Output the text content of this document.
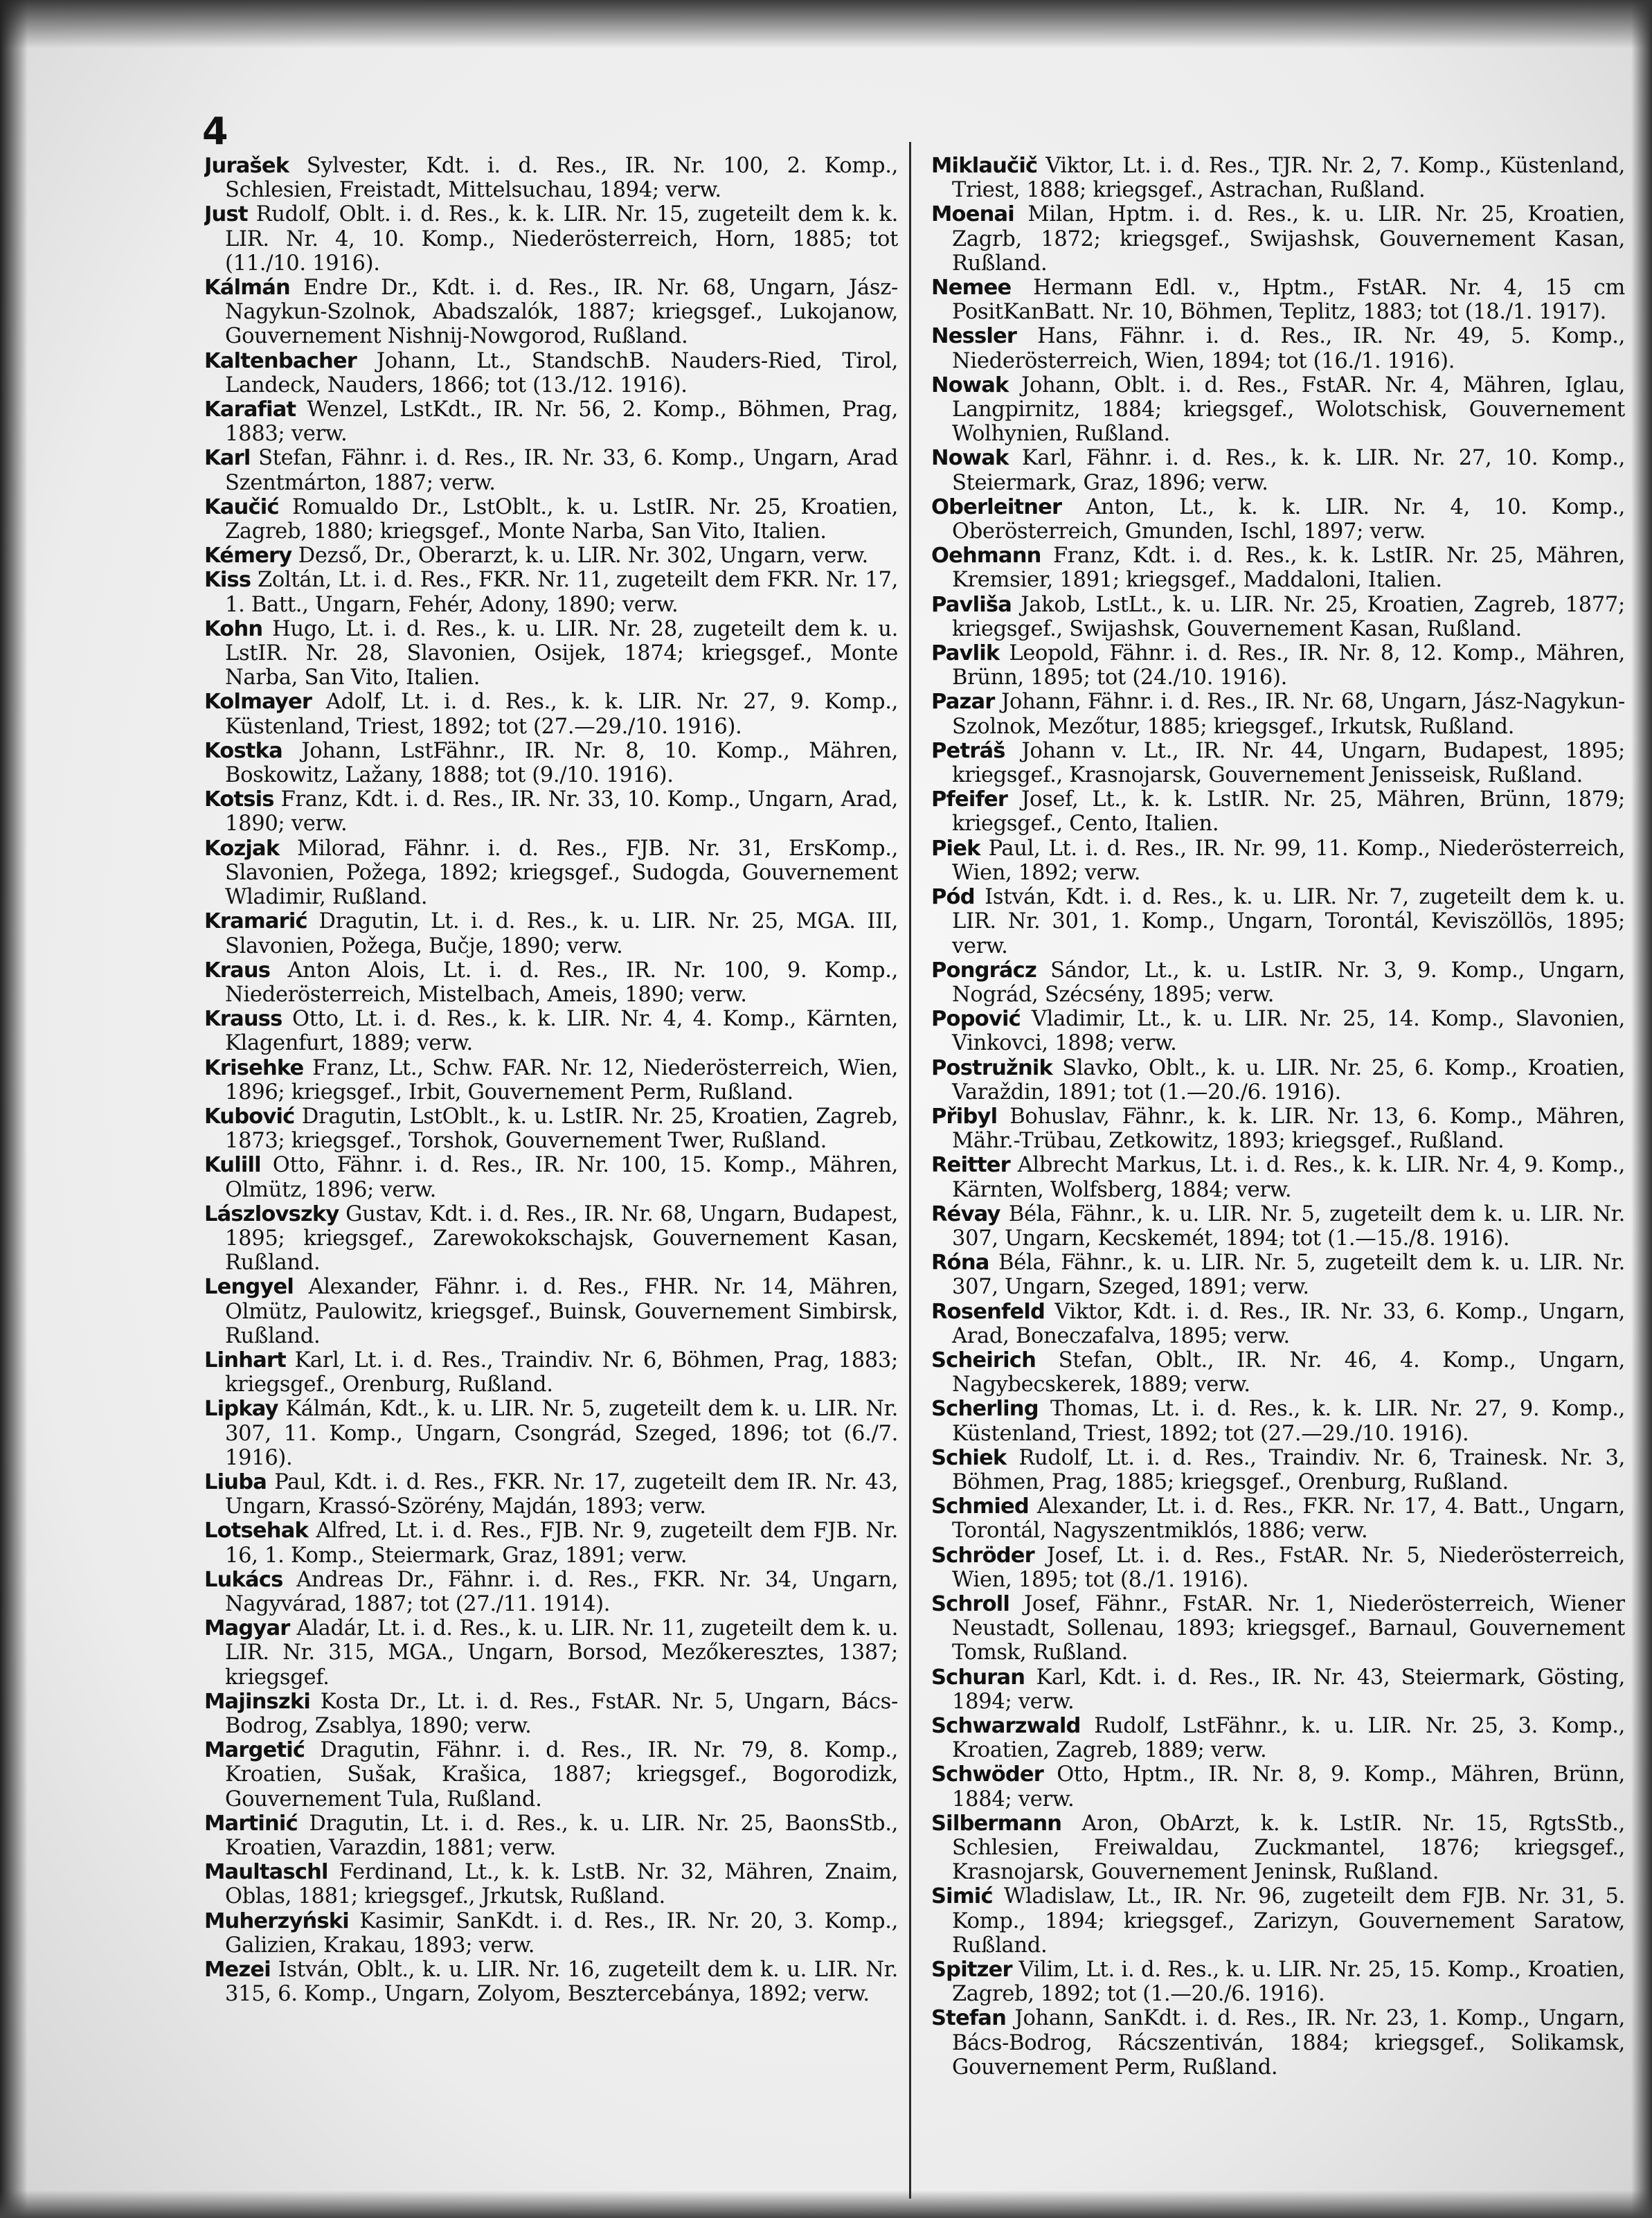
4

Jurašek Sylvester, Kdt. i. d. Res., IR. Nr. 100, 2. Komp., Schlesien, Freistadt, Mittelsuchau, 1894; verw.

Just Rudolf, Oblt. i. d. Res., k. k. LIR. Nr. 15, zugeteilt dem k. k. LIR. Nr. 4, 10. Komp., Niederösterreich, Horn, 1885; tot (11./10. 1916).

Kálmán Endre Dr., Kdt. i. d. Res., IR. Nr. 68, Ungarn, Jász-Nagykun-Szolnok, Abadszalók, 1887; kriegsgef., Lukojanow, Gouvernement Nishnij-Nowgorod, Rußland.

Kaltenbacher Johann, Lt., StandschB. Nauders-Ried, Tirol, Landeck, Nauders, 1866; tot (13./12. 1916).

Karafiat Wenzel, LstKdt., IR. Nr. 56, 2. Komp., Böhmen, Prag, 1883; verw.

Karl Stefan, Fähnr. i. d. Res., IR. Nr. 33, 6. Komp., Ungarn, Arad Szentmárton, 1887; verw.

Kaučić Romualdo Dr., LstOblt., k. u. LstIR. Nr. 25, Kroatien, Zagreb, 1880; kriegsgef., Monte Narba, San Vito, Italien.

Kémery Dezső, Dr., Oberarzt, k. u. LIR. Nr. 302, Ungarn, verw.

Kiss Zoltán, Lt. i. d. Res., FKR. Nr. 11, zugeteilt dem FKR. Nr. 17, 1. Batt., Ungarn, Fehér, Adony, 1890; verw.

Kohn Hugo, Lt. i. d. Res., k. u. LIR. Nr. 28, zugeteilt dem k. u. LstIR. Nr. 28, Slavonien, Osijek, 1874; kriegsgef., Monte Narba, San Vito, Italien.

Kolmayer Adolf, Lt. i. d. Res., k. k. LIR. Nr. 27, 9. Komp., Küstenland, Triest, 1892; tot (27.—29./10. 1916).

Kostka Johann, LstFähnr., IR. Nr. 8, 10. Komp., Mähren, Boskowitz, Lažany, 1888; tot (9./10. 1916).

Kotsis Franz, Kdt. i. d. Res., IR. Nr. 33, 10. Komp., Ungarn, Arad, 1890; verw.

Kozjak Milorad, Fähnr. i. d. Res., FJB. Nr. 31, ErsKomp., Slavonien, Požega, 1892; kriegsgef., Sudogda, Gouvernement Wladimir, Rußland.

Kramarić Dragutin, Lt. i. d. Res., k. u. LIR. Nr. 25, MGA. III, Slavonien, Požega, Bučje, 1890; verw.

Kraus Anton Alois, Lt. i. d. Res., IR. Nr. 100, 9. Komp., Niederösterreich, Mistelbach, Ameis, 1890; verw.

Krauss Otto, Lt. i. d. Res., k. k. LIR. Nr. 4, 4. Komp., Kärnten, Klagenfurt, 1889; verw.

Krisehke Franz, Lt., Schw. FAR. Nr. 12, Niederösterreich, Wien, 1896; kriegsgef., Irbit, Gouvernement Perm, Rußland.

Kubović Dragutin, LstOblt., k. u. LstIR. Nr. 25, Kroatien, Zagreb, 1873; kriegsgef., Torshok, Gouvernement Twer, Rußland.

Kulill Otto, Fähnr. i. d. Res., IR. Nr. 100, 15. Komp., Mähren, Olmütz, 1896; verw.

Lászlovszky Gustav, Kdt. i. d. Res., IR. Nr. 68, Ungarn, Budapest, 1895; kriegsgef., Zarewokokschajsk, Gouvernement Kasan, Rußland.

Lengyel Alexander, Fähnr. i. d. Res., FHR. Nr. 14, Mähren, Olmütz, Paulowitz, kriegsgef., Buinsk, Gouvernement Simbirsk, Rußland.

Linhart Karl, Lt. i. d. Res., Traindiv. Nr. 6, Böhmen, Prag, 1883; kriegsgef., Orenburg, Rußland.

Lipkay Kálmán, Kdt., k. u. LIR. Nr. 5, zugeteilt dem k. u. LIR. Nr. 307, 11. Komp., Ungarn, Csongrád, Szeged, 1896; tot (6./7. 1916).

Liuba Paul, Kdt. i. d. Res., FKR. Nr. 17, zugeteilt dem IR. Nr. 43, Ungarn, Krassó-Szörény, Majdán, 1893; verw.

Lotsehak Alfred, Lt. i. d. Res., FJB. Nr. 9, zugeteilt dem FJB. Nr. 16, 1. Komp., Steiermark, Graz, 1891; verw.

Lukács Andreas Dr., Fähnr. i. d. Res., FKR. Nr. 34, Ungarn, Nagyvárad, 1887; tot (27./11. 1914).

Magyar Aladár, Lt. i. d. Res., k. u. LIR. Nr. 11, zugeteilt dem k. u. LIR. Nr. 315, MGA., Ungarn, Borsod, Mezőkeresztes, 1387; kriegsgef.

Majinszki Kosta Dr., Lt. i. d. Res., FstAR. Nr. 5, Ungarn, Bács-Bodrog, Zsablya, 1890; verw.

Margetić Dragutin, Fähnr. i. d. Res., IR. Nr. 79, 8. Komp., Kroatien, Sušak, Krašica, 1887; kriegsgef., Bogorodizk, Gouvernement Tula, Rußland.

Martinić Dragutin, Lt. i. d. Res., k. u. LIR. Nr. 25, BaonsStb., Kroatien, Varazdin, 1881; verw.

Maultaschl Ferdinand, Lt., k. k. LstB. Nr. 32, Mähren, Znaim, Oblas, 1881; kriegsgef., Jrkutsk, Rußland.

Muherzyński Kasimir, SanKdt. i. d. Res., IR. Nr. 20, 3. Komp., Galizien, Krakau, 1893; verw.

Mezei István, Oblt., k. u. LIR. Nr. 16, zugeteilt dem k. u. LIR. Nr. 315, 6. Komp., Ungarn, Zolyom, Besztercebánya, 1892; verw.

Miklaučič Viktor, Lt. i. d. Res., TJR. Nr. 2, 7. Komp., Küstenland, Triest, 1888; kriegsgef., Astrachan, Rußland.

Moenai Milan, Hptm. i. d. Res., k. u. LIR. Nr. 25, Kroatien, Zagrb, 1872; kriegsgef., Swijashsk, Gouvernement Kasan, Rußland.

Nemee Hermann Edl. v., Hptm., FstAR. Nr. 4, 15 cm PositKanBatt. Nr. 10, Böhmen, Teplitz, 1883; tot (18./1. 1917).

Nessler Hans, Fähnr. i. d. Res., IR. Nr. 49, 5. Komp., Niederösterreich, Wien, 1894; tot (16./1. 1916).

Nowak Johann, Oblt. i. d. Res., FstAR. Nr. 4, Mähren, Iglau, Langpirnitz, 1884; kriegsgef., Wolotschisk, Gouvernement Wolhynien, Rußland.

Nowak Karl, Fähnr. i. d. Res., k. k. LIR. Nr. 27, 10. Komp., Steiermark, Graz, 1896; verw.

Oberleitner Anton, Lt., k. k. LIR. Nr. 4, 10. Komp., Oberösterreich, Gmunden, Ischl, 1897; verw.

Oehmann Franz, Kdt. i. d. Res., k. k. LstIR. Nr. 25, Mähren, Kremsier, 1891; kriegsgef., Maddaloni, Italien.

Pavliša Jakob, LstLt., k. u. LIR. Nr. 25, Kroatien, Zagreb, 1877; kriegsgef., Swijashsk, Gouvernement Kasan, Rußland.

Pavlik Leopold, Fähnr. i. d. Res., IR. Nr. 8, 12. Komp., Mähren, Brünn, 1895; tot (24./10. 1916).

Pazar Johann, Fähnr. i. d. Res., IR. Nr. 68, Ungarn, Jász-Nagykun-Szolnok, Mezőtur, 1885; kriegsgef., Irkutsk, Rußland.

Petráš Johann v. Lt., IR. Nr. 44, Ungarn, Budapest, 1895; kriegsgef., Krasnojarsk, Gouvernement Jenisseisk, Rußland.

Pfeifer Josef, Lt., k. k. LstIR. Nr. 25, Mähren, Brünn, 1879; kriegsgef., Cento, Italien.

Piek Paul, Lt. i. d. Res., IR. Nr. 99, 11. Komp., Niederösterreich, Wien, 1892; verw.

Pód István, Kdt. i. d. Res., k. u. LIR. Nr. 7, zugeteilt dem k. u. LIR. Nr. 301, 1. Komp., Ungarn, Torontál, Keviszöllös, 1895; verw.

Pongrácz Sándor, Lt., k. u. LstIR. Nr. 3, 9. Komp., Ungarn, Nográd, Szécsény, 1895; verw.

Popović Vladimir, Lt., k. u. LIR. Nr. 25, 14. Komp., Slavonien, Vinkovci, 1898; verw.

Postružnik Slavko, Oblt., k. u. LIR. Nr. 25, 6. Komp., Kroatien, Varaždin, 1891; tot (1.—20./6. 1916).

Přibyl Bohuslav, Fähnr., k. k. LIR. Nr. 13, 6. Komp., Mähren, Mähr.-Trübau, Zetkowitz, 1893; kriegsgef., Rußland.

Reitter Albrecht Markus, Lt. i. d. Res., k. k. LIR. Nr. 4, 9. Komp., Kärnten, Wolfsberg, 1884; verw.

Révay Béla, Fähnr., k. u. LIR. Nr. 5, zugeteilt dem k. u. LIR. Nr. 307, Ungarn, Kecskemét, 1894; tot (1.—15./8. 1916).

Róna Béla, Fähnr., k. u. LIR. Nr. 5, zugeteilt dem k. u. LIR. Nr. 307, Ungarn, Szeged, 1891; verw.

Rosenfeld Viktor, Kdt. i. d. Res., IR. Nr. 33, 6. Komp., Ungarn, Arad, Boneczafalva, 1895; verw.

Scheirich Stefan, Oblt., IR. Nr. 46, 4. Komp., Ungarn, Nagybecskerek, 1889; verw.

Scherling Thomas, Lt. i. d. Res., k. k. LIR. Nr. 27, 9. Komp., Küstenland, Triest, 1892; tot (27.—29./10. 1916).

Schiek Rudolf, Lt. i. d. Res., Traindiv. Nr. 6, Trainesk. Nr. 3, Böhmen, Prag, 1885; kriegsgef., Orenburg, Rußland.

Schmied Alexander, Lt. i. d. Res., FKR. Nr. 17, 4. Batt., Ungarn, Torontál, Nagyszentmiklós, 1886; verw.

Schröder Josef, Lt. i. d. Res., FstAR. Nr. 5, Niederösterreich, Wien, 1895; tot (8./1. 1916).

Schroll Josef, Fähnr., FstAR. Nr. 1, Niederösterreich, Wiener Neustadt, Sollenau, 1893; kriegsgef., Barnaul, Gouvernement Tomsk, Rußland.

Schuran Karl, Kdt. i. d. Res., IR. Nr. 43, Steiermark, Gösting, 1894; verw.

Schwarzwald Rudolf, LstFähnr., k. u. LIR. Nr. 25, 3. Komp., Kroatien, Zagreb, 1889; verw.

Schwöder Otto, Hptm., IR. Nr. 8, 9. Komp., Mähren, Brünn, 1884; verw.

Silbermann Aron, ObArzt, k. k. LstIR. Nr. 15, RgtsStb., Schlesien, Freiwaldau, Zuckmantel, 1876; kriegsgef., Krasnojarsk, Gouvernement Jeninsk, Rußland.

Simić Wladislaw, Lt., IR. Nr. 96, zugeteilt dem FJB. Nr. 31, 5. Komp., 1894; kriegsgef., Zarizyn, Gouvernement Saratow, Rußland.

Spitzer Vilim, Lt. i. d. Res., k. u. LIR. Nr. 25, 15. Komp., Kroatien, Zagreb, 1892; tot (1.—20./6. 1916).

Stefan Johann, SanKdt. i. d. Res., IR. Nr. 23, 1. Komp., Ungarn, Bács-Bodrog, Rácszentiván, 1884; kriegsgef., Solikamsk, Gouvernement Perm, Rußland.
